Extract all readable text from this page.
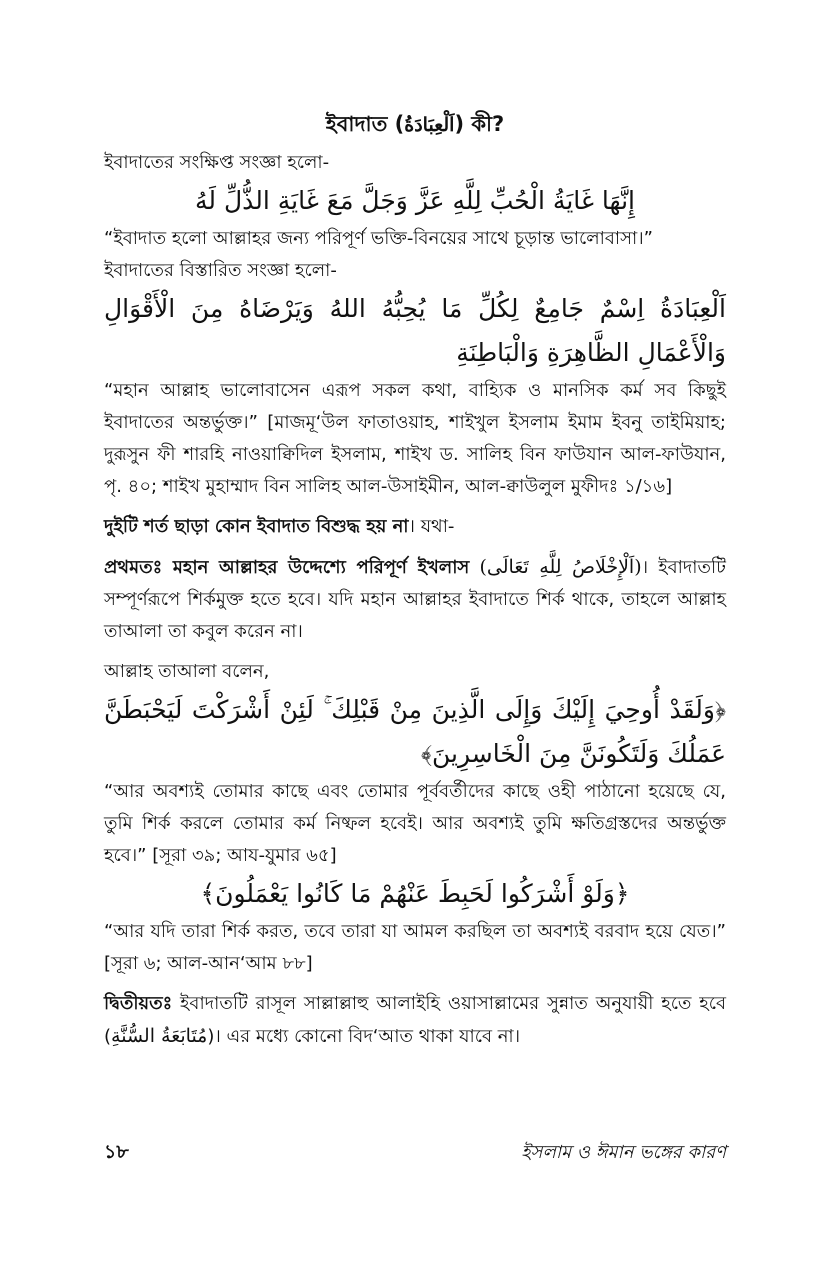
ইবাদাত (اَلْعِبَادَةُ) কী?

ইবাদাতের সংক্ষিপ্ত সংজ্ঞা হলো-

إِنَّهَا غَايَةُ الْحُبِّ لِلَّهِ عَزَّ وَجَلَّ مَعَ غَايَةِ الذُّلِّ لَهُ

“ইবাদাত হলো আল্লাহর জন্য পরিপূর্ণ ভক্তি-বিনয়ের সাথে চূড়ান্ত ভালোবাসা।”

ইবাদাতের বিস্তারিত সংজ্ঞা হলো-

اَلْعِبَادَةُ اِسْمٌ جَامِعٌ لِكُلِّ مَا يُحِبُّهُ اللهُ وَيَرْضَاهُ مِنَ الْأَقْوَالِ وَالْأَعْمَالِ الظَّاهِرَةِ وَالْبَاطِنَةِ

“মহান আল্লাহ ভালোবাসেন এরূপ সকল কথা, বাহ্যিক ও মানসিক কর্ম সব কিছুই ইবাদাতের অন্তর্ভুক্ত।” [মাজমূ‘উল ফাতাওয়াহ, শাইখুল ইসলাম ইমাম ইবনু তাইমিয়াহ; দুরূসুন ফী শারহি নাওয়াক্বিদিল ইসলাম, শাইখ ড. সালিহ বিন ফাউযান আল-ফাউযান, পৃ. ৪০; শাইখ মুহাম্মাদ বিন সালিহ আল-উসাইমীন, আল-ক্বাউলুল মুফীদঃ ১/১৬]

দুইটি শর্ত ছাড়া কোন ইবাদাত বিশুদ্ধ হয় না। যথা-

প্রথমতঃ মহান আল্লাহর উদ্দেশ্যে পরিপূর্ণ ইখলাস (اَلْإِخْلَاصُ لِلَّهِ تَعَالَى)। ইবাদাতটি সম্পূর্ণরূপে শির্কমুক্ত হতে হবে। যদি মহান আল্লাহর ইবাদাতে শির্ক থাকে, তাহলে আল্লাহ তাআলা তা কবুল করেন না।

আল্লাহ তাআলা বলেন,

﴿وَلَقَدْ أُوحِيَ إِلَيْكَ وَإِلَى الَّذِينَ مِنْ قَبْلِكَ ۚ لَئِنْ أَشْرَكْتَ لَيَحْبَطَنَّ عَمَلُكَ وَلَتَكُونَنَّ مِنَ الْخَاسِرِينَ﴾

“আর অবশ্যই তোমার কাছে এবং তোমার পূর্ববর্তীদের কাছে ওহী পাঠানো হয়েছে যে, তুমি শির্ক করলে তোমার কর্ম নিষ্ফল হবেই। আর অবশ্যই তুমি ক্ষতিগ্রস্তদের অন্তর্ভুক্ত হবে।” [সূরা ৩৯; আয-যুমার ৬৫]

﴿وَلَوْ أَشْرَكُوا لَحَبِطَ عَنْهُمْ مَا كَانُوا يَعْمَلُونَ﴾

“আর যদি তারা শির্ক করত, তবে তারা যা আমল করছিল তা অবশ্যই বরবাদ হয়ে যেত।” [সূরা ৬; আল-আন‘আম ৮৮]

দ্বিতীয়তঃ ইবাদাতটি রাসূল সাল্লাল্লাহু আলাইহি ওয়াসাল্লামের সুন্নাত অনুযায়ী হতে হবে (مُتَابَعَةُ السُّنَّةِ)। এর মধ্যে কোনো বিদ‘আত থাকা যাবে না।

১৮	ইসলাম ও ঈমান ভঙ্গের কারণ
